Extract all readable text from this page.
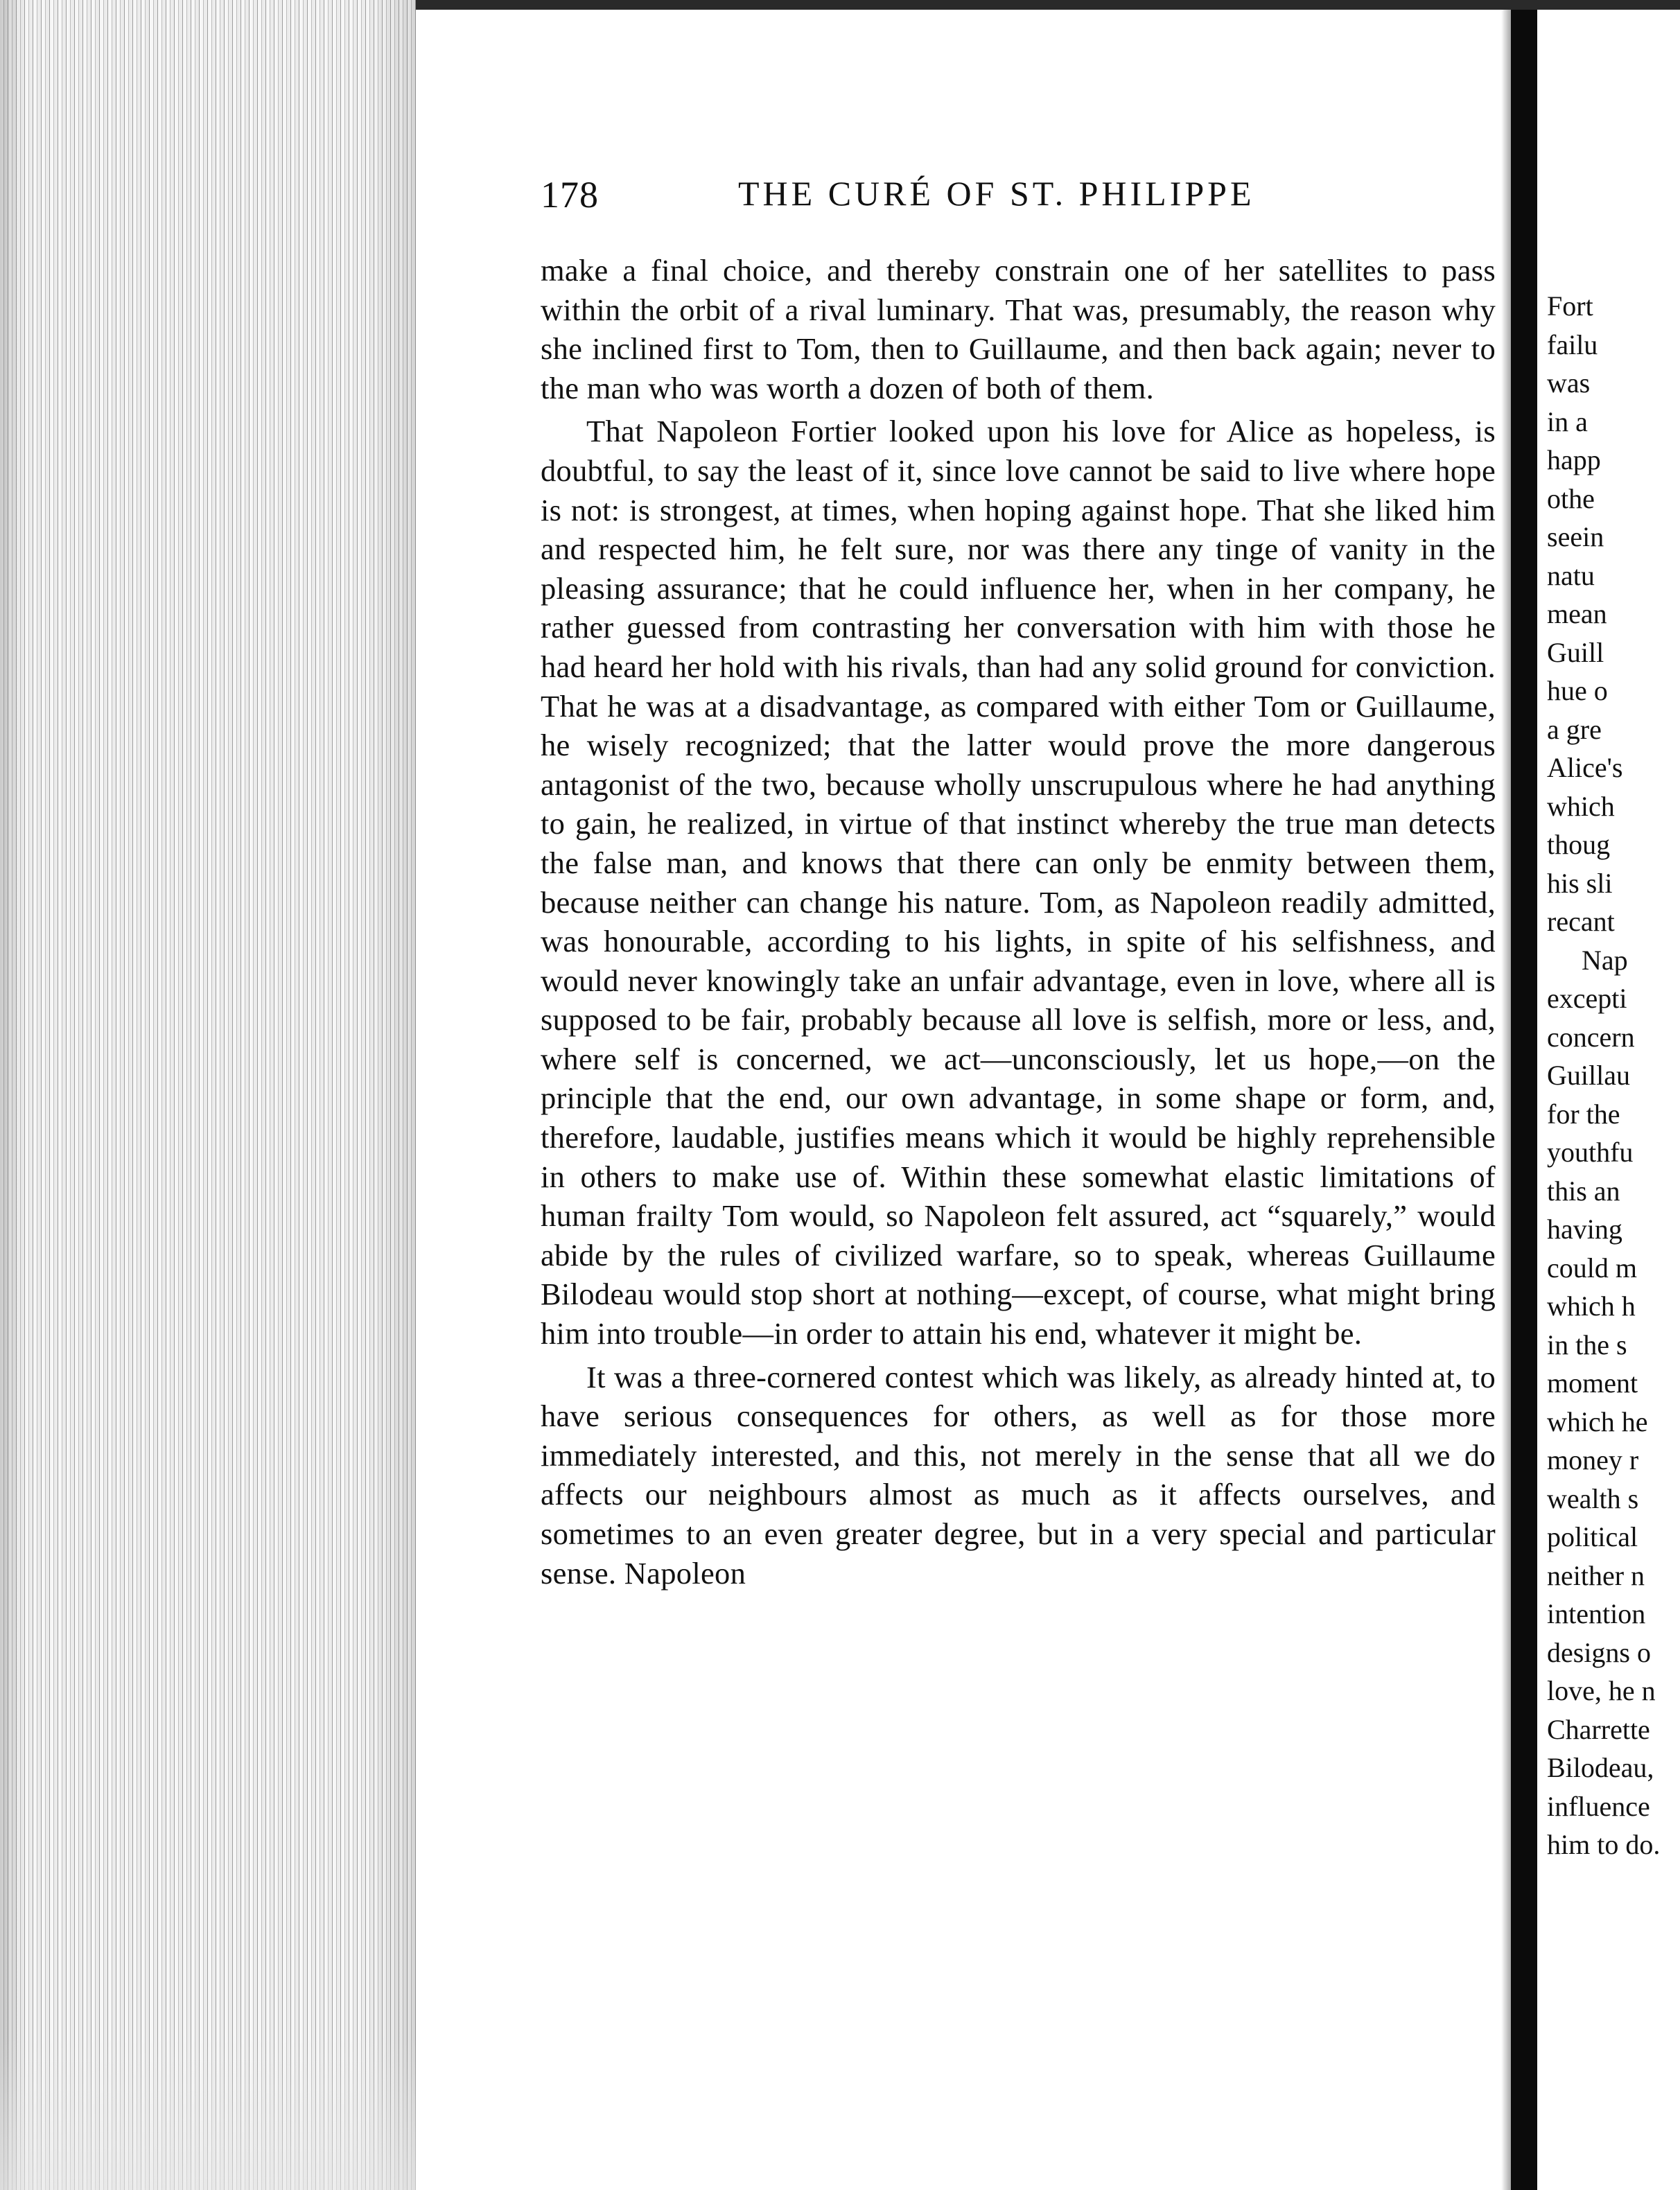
178	THE CURÉ OF ST. PHILIPPE

make a final choice, and thereby constrain one of her satellites to pass within the orbit of a rival luminary. That was, presumably, the reason why she inclined first to Tom, then to Guillaume, and then back again; never to the man who was worth a dozen of both of them.

That Napoleon Fortier looked upon his love for Alice as hopeless, is doubtful, to say the least of it, since love cannot be said to live where hope is not: is strongest, at times, when hoping against hope. That she liked him and respected him, he felt sure, nor was there any tinge of vanity in the pleasing assurance; that he could influence her, when in her company, he rather guessed from contrasting her conversation with him with those he had heard her hold with his rivals, than had any solid ground for conviction. That he was at a disadvantage, as compared with either Tom or Guillaume, he wisely recognized; that the latter would prove the more dangerous antagonist of the two, because wholly unscrupulous where he had anything to gain, he realized, in virtue of that instinct whereby the true man detects the false man, and knows that there can only be enmity between them, because neither can change his nature. Tom, as Napoleon readily admitted, was honourable, according to his lights, in spite of his selfishness, and would never knowingly take an unfair advantage, even in love, where all is supposed to be fair, probably because all love is selfish, more or less, and, where self is concerned, we act—unconsciously, let us hope,—on the principle that the end, our own advantage, in some shape or form, and, therefore, laudable, justifies means which it would be highly reprehensible in others to make use of. Within these somewhat elastic limitations of human frailty Tom would, so Napoleon felt assured, act “squarely,” would abide by the rules of civilized warfare, so to speak, whereas Guillaume Bilodeau would stop short at nothing—except, of course, what might bring him into trouble—in order to attain his end, whatever it might be.

It was a three-cornered contest which was likely, as already hinted at, to have serious consequences for others, as well as for those more immediately interested, and this, not merely in the sense that all we do affects our neighbours almost as much as it affects ourselves, and sometimes to an even greater degree, but in a very special and particular sense. Napoleon

Fort
failu
was
in a
happ
othe
seein
natu
mean
Guill
hue o
a gre
Alice's
which
thoug
his sli
recant
Nap
excepti
concern
Guillau
for the
youthfu
this an
having
could m
which h
in the s
moment
which he
money r
wealth s
political
neither n
intention
designs o
love, he n
Charrette
Bilodeau,
influence
him to do.
